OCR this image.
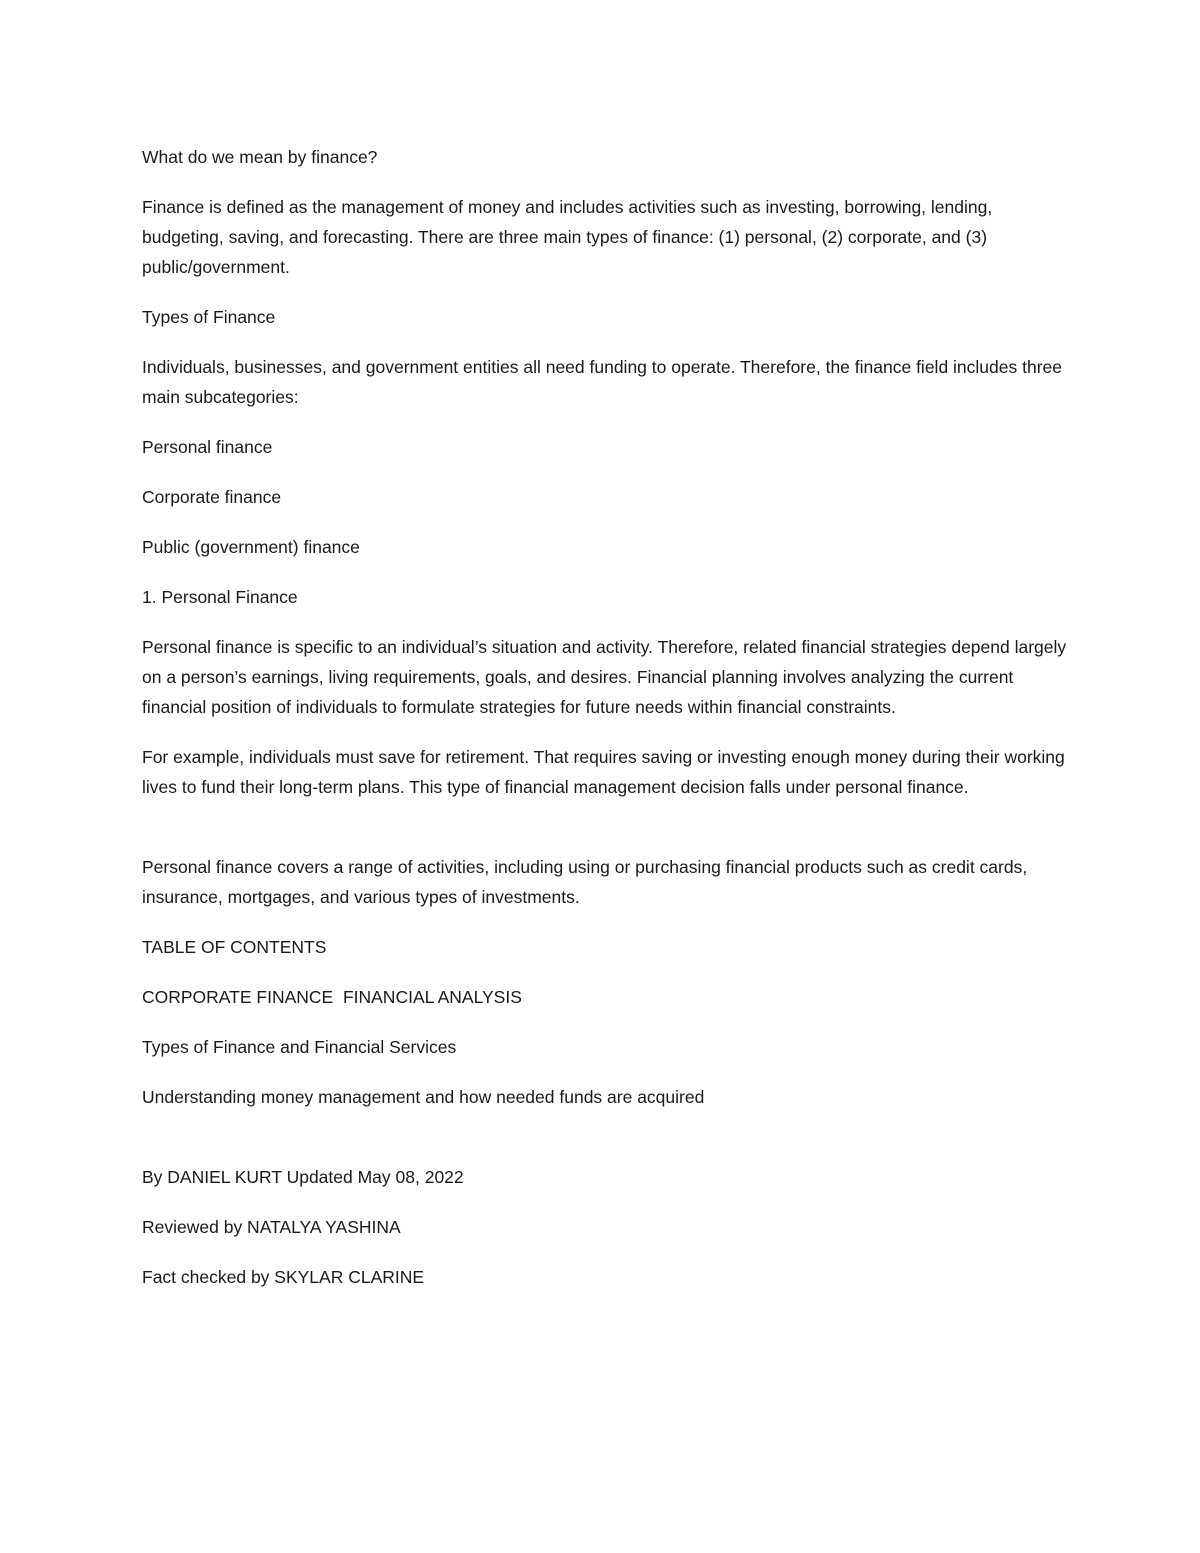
What do we mean by finance?

Finance is defined as the management of money and includes activities such as investing, borrowing, lending, budgeting, saving, and forecasting. There are three main types of finance: (1) personal, (2) corporate, and (3) public/government.

Types of Finance

Individuals, businesses, and government entities all need funding to operate. Therefore, the finance field includes three main subcategories:

Personal finance

Corporate finance

Public (government) finance

1. Personal Finance

Personal finance is specific to an individual’s situation and activity. Therefore, related financial strategies depend largely on a person’s earnings, living requirements, goals, and desires. Financial planning involves analyzing the current financial position of individuals to formulate strategies for future needs within financial constraints.

For example, individuals must save for retirement. That requires saving or investing enough money during their working lives to fund their long-term plans. This type of financial management decision falls under personal finance.

Personal finance covers a range of activities, including using or purchasing financial products such as credit cards, insurance, mortgages, and various types of investments.

TABLE OF CONTENTS

CORPORATE FINANCE  FINANCIAL ANALYSIS

Types of Finance and Financial Services

Understanding money management and how needed funds are acquired

By DANIEL KURT Updated May 08, 2022

Reviewed by NATALYA YASHINA

Fact checked by SKYLAR CLARINE
